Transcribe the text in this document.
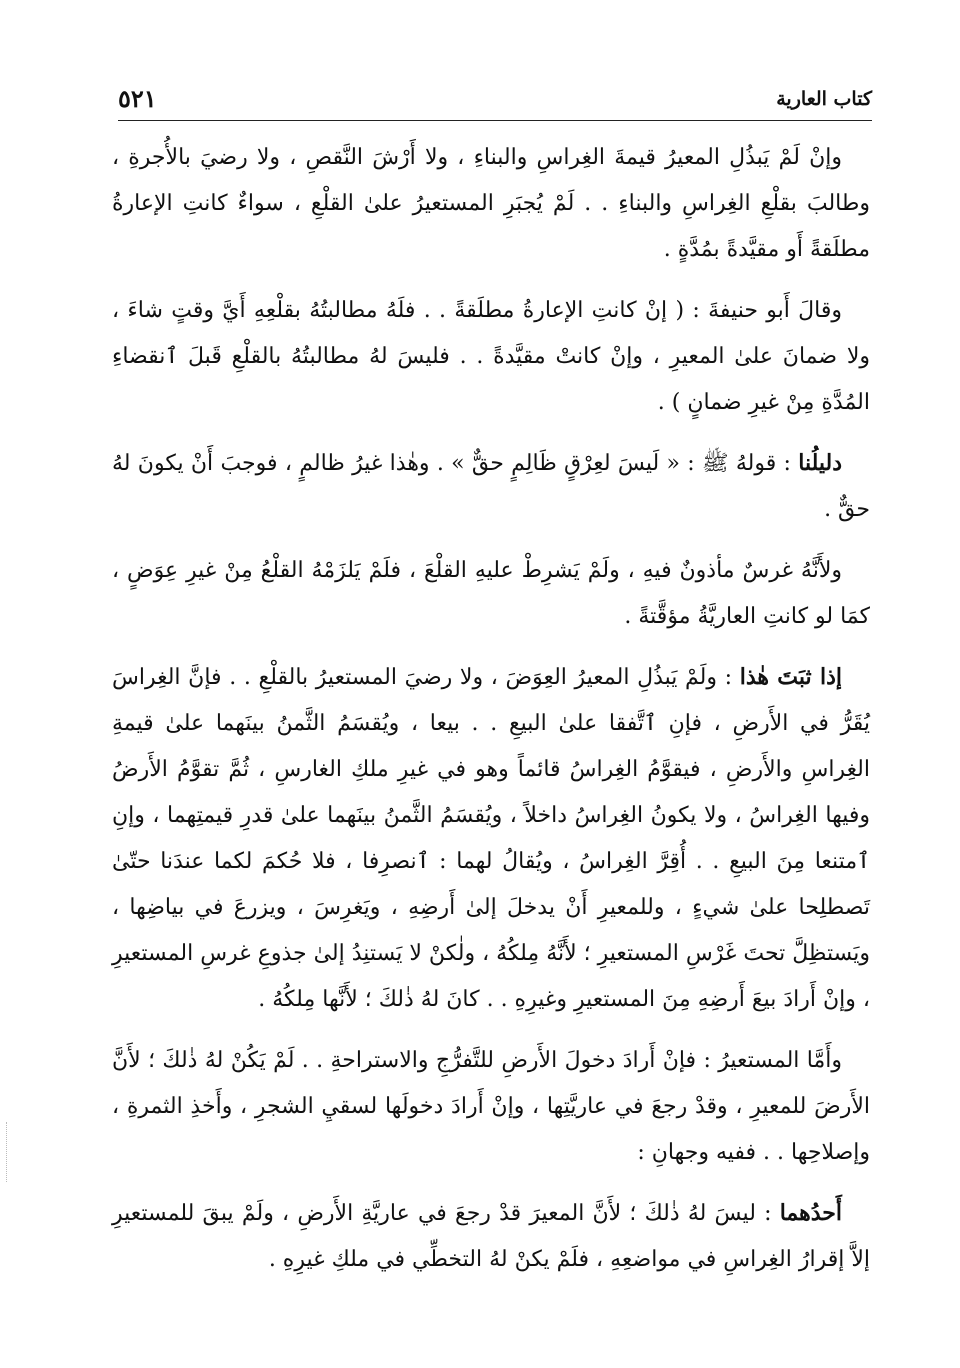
كتاب العارية
٥٢١

وإنْ لَمْ يَبذُلِ المعيرُ قيمةَ الغِراسِ والبناءِ ، ولا أَرْشَ النَّقصِ ، ولا رضيَ بالأُجرةِ ، وطالبَ بقلْعِ الغِراسِ والبناءِ . . لَمْ يُجبَرِ المستعيرُ علىٰ القلْعِ ، سواءٌ كانتِ الإعارةُ مطلَقةً أَو مقيَّدةً بمُدَّةٍ .

وقالَ أَبو حنيفةَ : ( إنْ كانتِ الإعارةُ مطلَقةً . . فلَهُ مطالبتُهُ بقلْعِهِ أَيَّ وقتٍ شاءَ ، ولا ضمانَ علىٰ المعيرِ ، وإنْ كانتْ مقيَّدةً . . فليسَ لهُ مطالبتُهُ بالقلْعِ قَبلَ ٱنقضاءِ المُدَّةِ مِنْ غيرِ ضمانٍ ) .

دليلُنا : قولهُ ﷺ : « لَيسَ لعِرْقٍ ظَالِمٍ حقٌّ » . وهٰذا غيرُ ظالمٍ ، فوجبَ أَنْ يكونَ لهُ حقٌّ .

ولأَنَّهُ غرسٌ مأذونٌ فيهِ ، ولَمْ يَشرِطْ عليهِ القلْعَ ، فلَمْ يَلزَمْهُ القلْعُ مِنْ غيرِ عِوَضٍ ، كمَا لو كانتِ العاريَّةُ مؤقَّتةً .

إذا ثبَتَ هٰذا : ولَمْ يَبذُلِ المعيرُ العِوَضَ ، ولا رضيَ المستعيرُ بالقلْعِ . . فإنَّ الغِراسَ يُقَرُّ في الأَرضِ ، فإنِ ٱتَّفقا علىٰ البيعِ . . بيعا ، ويُقسَمُ الثَّمنُ بينَهما علىٰ قيمةِ الغِراسِ والأَرضِ ، فيقوَّمُ الغِراسُ قائماً وهو في غيرِ ملكِ الغارسِ ، ثُمَّ تقوَّمُ الأَرضُ وفيها الغِراسُ ، ولا يكونُ الغِراسُ داخلاً ، ويُقسَمُ الثَّمنُ بينَهما علىٰ قدرِ قيمتِهما ، وإنِ ٱمتنعا مِنَ البيعِ . . أُقِرَّ الغِراسُ ، ويُقالُ لهما : ٱنصرِفا ، فلا حُكمَ لكما عندَنا حتّىٰ تَصطلِحا علىٰ شيءٍ ، وللمعيرِ أَنْ يدخلَ إلىٰ أَرضِهِ ، ويَغرِسَ ، ويزرعَ في بياضِها ، ويَستظِلَّ تحتَ غَرْسِ المستعيرِ ؛ لأَنَّهُ مِلكُهُ ، ولٰكنْ لا يَستنِدُ إلىٰ جذوعِ غرسِ المستعيرِ ، وإنْ أَرادَ بيعَ أَرضِهِ مِنَ المستعيرِ وغيرِهِ . . كانَ لهُ ذٰلكَ ؛ لأَنَّها مِلكُهُ .

وأَمَّا المستعيرُ : فإنْ أَرادَ دخولَ الأَرضِ للتَّفرُّجِ والاستراحةِ . . لَمْ يَكُنْ لهُ ذٰلكَ ؛ لأَنَّ الأَرضَ للمعيرِ ، وقدْ رجعَ في عاريَّتِها ، وإنْ أَرادَ دخولَها لسقيِ الشجرِ ، وأَخذِ الثمرةِ ، وإصلاحِها . . ففيه وجهانِ :

أَحدُهما : ليسَ لهُ ذٰلكَ ؛ لأَنَّ المعيرَ قدْ رجعَ في عاريَّةِ الأَرضِ ، ولَمْ يبقَ للمستعيرِ إلاَّ إقرارُ الغِراسِ في مواضعِهِ ، فلَمْ يكنْ لهُ التخطِّي في ملكِ غيرِهِ .
